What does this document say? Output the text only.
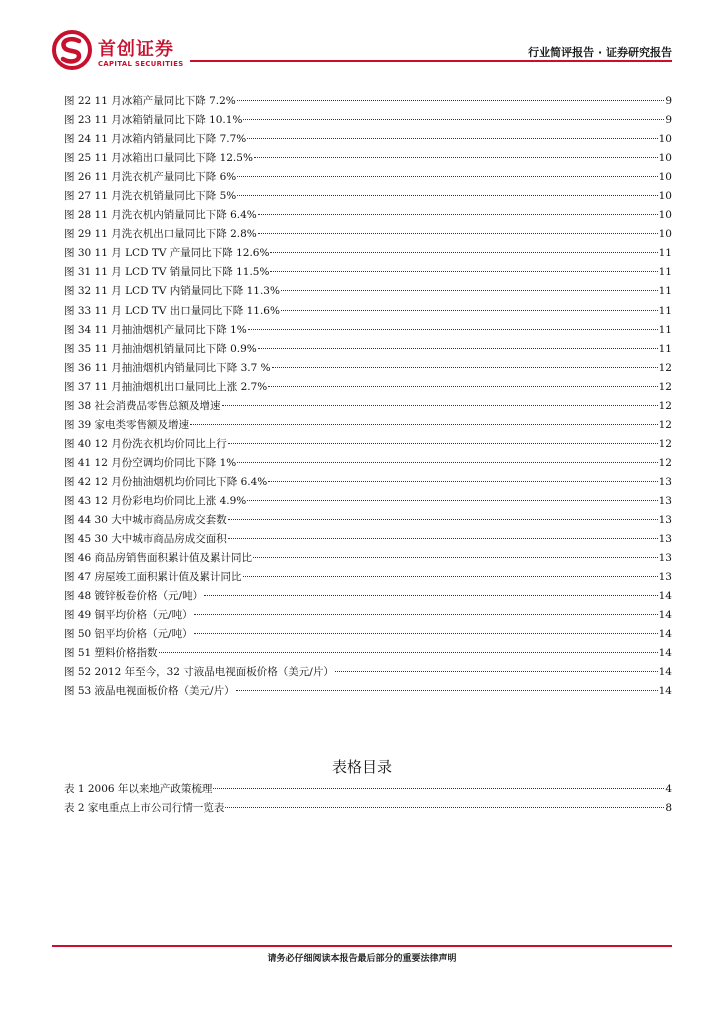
首创证券
CAPITAL SECURITIES
行业简评报告 · 证券研究报告
图 22 11 月冰箱产量同比下降 7.2%	9
图 23 11 月冰箱销量同比下降 10.1%	9
图 24 11 月冰箱内销量同比下降 7.7%	10
图 25 11 月冰箱出口量同比下降 12.5%	10
图 26 11 月洗衣机产量同比下降 6%	10
图 27 11 月洗衣机销量同比下降 5%	10
图 28 11 月洗衣机内销量同比下降 6.4%	10
图 29 11 月洗衣机出口量同比下降 2.8%	10
图 30 11 月 LCD TV 产量同比下降 12.6%	11
图 31 11 月 LCD TV 销量同比下降 11.5%	11
图 32 11 月 LCD TV 内销量同比下降 11.3%	11
图 33 11 月 LCD TV 出口量同比下降 11.6%	11
图 34 11 月抽油烟机产量同比下降 1%	11
图 35 11 月抽油烟机销量同比下降 0.9%	11
图 36 11 月抽油烟机内销量同比下降 3.7 %	12
图 37 11 月抽油烟机出口量同比上涨 2.7%	12
图 38 社会消费品零售总额及增速	12
图 39 家电类零售额及增速	12
图 40 12 月份洗衣机均价同比上行	12
图 41 12 月份空调均价同比下降 1%	12
图 42 12 月份抽油烟机均价同比下降 6.4%	13
图 43 12 月份彩电均价同比上涨 4.9%	13
图 44 30 大中城市商品房成交套数	13
图 45 30 大中城市商品房成交面积	13
图 46 商品房销售面积累计值及累计同比	13
图 47 房屋竣工面积累计值及累计同比	13
图 48 镀锌板卷价格（元/吨）	14
图 49 铜平均价格（元/吨）	14
图 50 铝平均价格（元/吨）	14
图 51 塑料价格指数	14
图 52 2012 年至今，32 寸液晶电视面板价格（美元/片）	14
图 53 液晶电视面板价格（美元/片）	14
表格目录
表 1 2006 年以来地产政策梳理	4
表 2 家电重点上市公司行情一览表	8
请务必仔细阅读本报告最后部分的重要法律声明
